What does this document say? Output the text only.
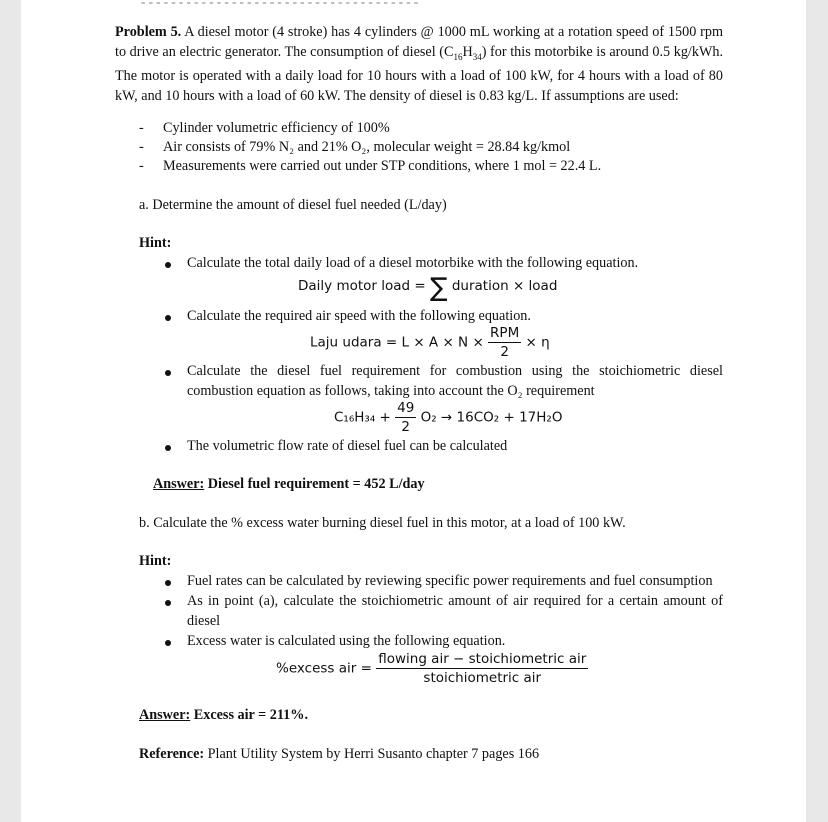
Problem 5. A diesel motor (4 stroke) has 4 cylinders @ 1000 mL working at a rotation speed of 1500 rpm to drive an electric generator. The consumption of diesel $(C_{16}H_{34})$ for this motorbike is around 0.5 kg/kWh. The motor is operated with a daily load for 10 hours with a load of 100 kW, for 4 hours with a load of 80 kW, and 10 hours with a load of 60 kW. The density of diesel is 0.83 kg/L. If assumptions are used:
- Cylinder volumetric efficiency of 100%
- Air consists of 79% N₂ and 21% O₂, molecular weight = 28.84 kg/kmol
- Measurements were carried out under STP conditions, where 1 mol = 22.4 L.
a. Determine the amount of diesel fuel needed (L/day)
Hint:
Calculate the total daily load of a diesel motorbike with the following equation.
Daily motor load = ∑ duration × load
Calculate the required air speed with the following equation.
Laju udara = $L \times A \times N \times \frac{\text{RPM}}{2} \times \eta$
Calculate the diesel fuel requirement for combustion using the stoichiometric diesel combustion equation as follows, taking into account the O₂ requirement
$C_{16}H_{34} + \frac{49}{2} O_2 \to 16CO_2 + 17H_2O$
The volumetric flow rate of diesel fuel can be calculated
Answer: Diesel fuel requirement = 452 L/day
b. Calculate the % excess water burning diesel fuel in this motor, at a load of 100 kW.
Hint:
Fuel rates can be calculated by reviewing specific power requirements and fuel consumption
As in point (a), calculate the stoichiometric amount of air required for a certain amount of diesel
Excess water is calculated using the following equation.
%excess air = $\frac{\text{flowing air − stoichiometric air}}{\text{stoichiometric air}}$
Answer: Excess air = 211%.
Reference: Plant Utility System by Herri Susanto chapter 7 pages 166
